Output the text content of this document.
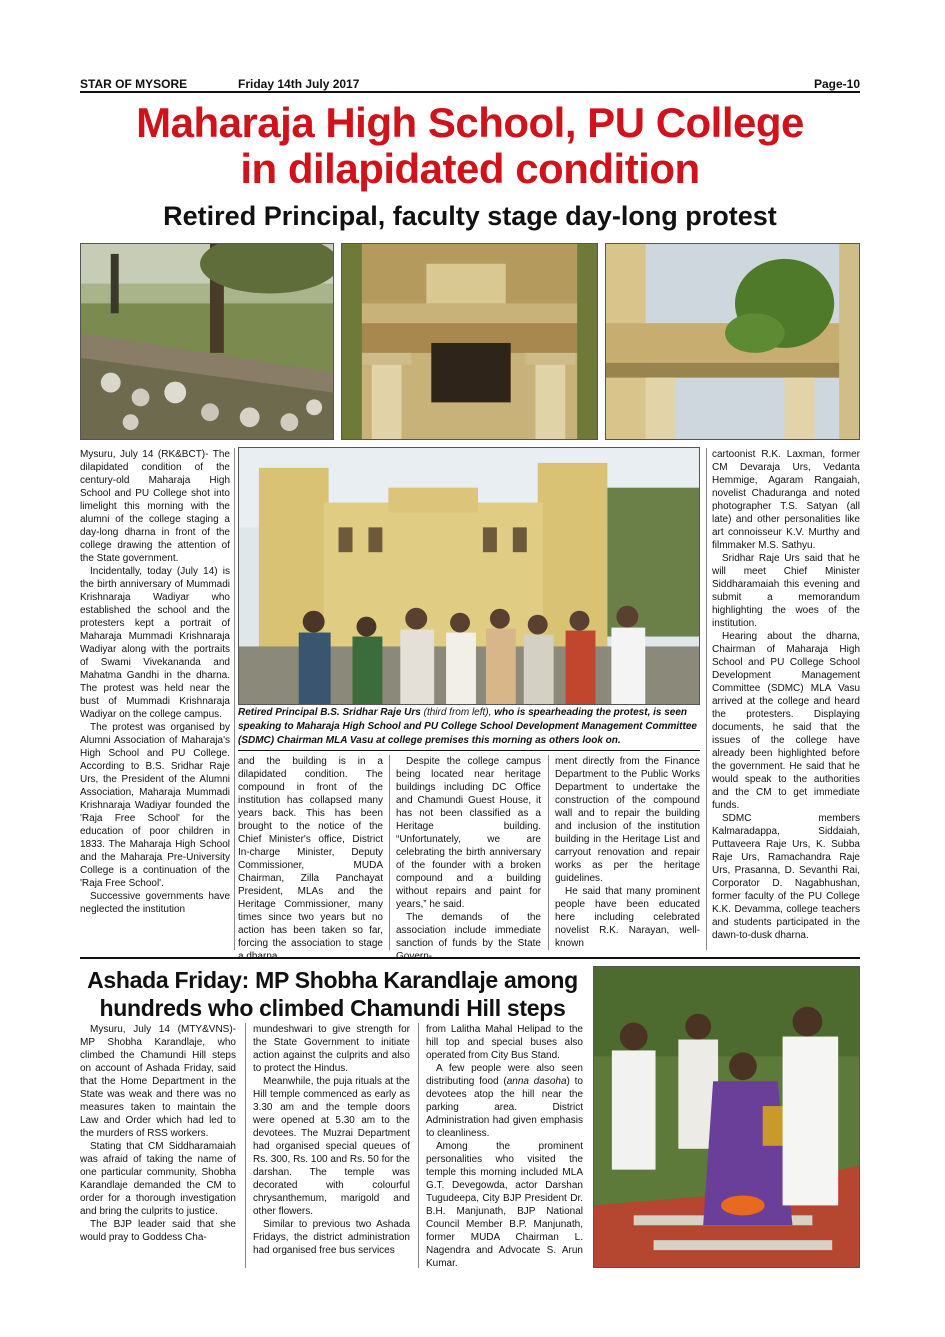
STAR OF MYSORE	Friday 14th July 2017	Page-10
Maharaja High School, PU College
in dilapidated condition
Retired Principal, faculty stage day-long protest
Retired Principal B.S. Sridhar Raje Urs (third from left), who is spearheading the protest, is seen speaking to Maharaja High School and PU College School Development Management Committee (SDMC) Chairman MLA Vasu at college premises this morning as others look on.

Mysuru, July 14 (RK&BCT)- The dilapidated condition of the century-old Maharaja High School and PU College shot into limelight this morning with the alumni of the college staging a day-long dharna in front of the college drawing the attention of the State government.

Incidentally, today (July 14) is the birth anniversary of Mummadi Krishnaraja Wadiyar who established the school and the protesters kept a portrait of Maharaja Mummadi Krishnaraja Wadiyar along with the portraits of Swami Vivekananda and Mahatma Gandhi in the dharna. The protest was held near the bust of Mummadi Krishnaraja Wadiyar on the college campus.

The protest was organised by Alumni Association of Maharaja's High School and PU College. According to B.S. Sridhar Raje Urs, the President of the Alumni Association, Maharaja Mummadi Krishnaraja Wadiyar founded the 'Raja Free School' for the education of poor children in 1833. The Maharaja High School and the Maharaja Pre-University College is a continuation of the 'Raja Free School'.

Successive governments have neglected the institution

and the building is in a dilapidated condition. The compound in front of the institution has collapsed many years back. This has been brought to the notice of the Chief Minister's office, District In-charge Minister, Deputy Commissioner, MUDA Chairman, Zilla Panchayat President, MLAs and the Heritage Commissioner, many times since two years but no action has been taken so far, forcing the association to stage

Despite the college campus being located near heritage buildings including DC Office and Chamundi Guest House, it has not been classified as a Heritage building. “Unfortunately, we are celebrating the birth anniversary of the founder with a broken compound and a building without repairs and paint for years,” he said.

The demands of the association include immediate sanction of funds by the State

ment directly from the Finance Department to the Public Works Department to undertake the construction of the compound wall and to repair the building and inclusion of the institution building in the Heritage List and carryout renovation and repair works as per the heritage guidelines.

He said that many prominent people have been educated here including celebrated novelist R.K. Narayan, well-known

cartoonist R.K. Laxman, former CM Devaraja Urs, Vedanta Hemmige, Agaram Rangaiah, novelist Chaduranga and noted photographer T.S. Satyan (all late) and other personalities like art connoisseur K.V. Murthy and filmmaker M.S. Sathyu.

Sridhar Raje Urs said that he will meet Chief Minister Siddharamaiah this evening and submit a memorandum highlighting the woes of the institution.

Hearing about the dharna, Chairman of Maharaja High School and PU College School Development Management Committee (SDMC) MLA Vasu arrived at the college and heard the protesters. Displaying documents, he said that the issues of the college have already been highlighted before the government. He said that he would speak to the authorities and the CM to get immediate funds.

SDMC members Kalmaradappa, Siddaiah, Puttaveera Raje Urs, K. Subba Raje Urs, Ramachandra Raje Urs, Prasanna, D. Sevanthi Rai, Corporator D. Nagabhushan, former faculty of the PU College K.K. Devamma, college teachers and students participated in the dawn-to-dusk dharna.

Ashada Friday: MP Shobha Karandlaje among
hundreds who climbed Chamundi Hill steps

Mysuru, July 14 (MTY&VNS)- MP Shobha Karandlaje, who climbed the Chamundi Hill steps on account of Ashada Friday, said that the Home Department in the State was weak and there was no measures taken to maintain the Law and Order which had led to the murders of RSS workers.

Stating that CM Siddharamaiah was afraid of taking the name of one particular community, Shobha Karandlaje demanded the CM to order for a thorough investigation and bring the culprits to justice.

The BJP leader said that she would pray to Goddess Cha-

mundeshwari to give strength for the State Government to initiate action against the culprits and also to protect the Hindus.

Meanwhile, the puja rituals at the Hill temple commenced as early as 3.30 am and the temple doors were opened at 5.30 am to the devotees. The Muzrai Department had organised special queues of Rs. 300, Rs. 100 and Rs. 50 for the darshan. The temple was decorated with colourful chrysanthemum, marigold and other flowers.

Similar to previous two Ashada Fridays, the district administration had organised free bus services

from Lalitha Mahal Helipad to the hill top and special buses also operated from City Bus Stand.

A few people were also seen distributing food (anna dasoha) to devotees atop the hill near the parking area. District Administration had given emphasis to cleanliness.

Among the prominent personalities who visited the temple this morning included MLA G.T. Devegowda, actor Darshan Tugudeepa, City BJP President Dr. B.H. Manjunath, BJP National Council Member B.P. Manjunath, former MUDA Chairman L. Nagendra and Advocate S. Arun Kumar.
